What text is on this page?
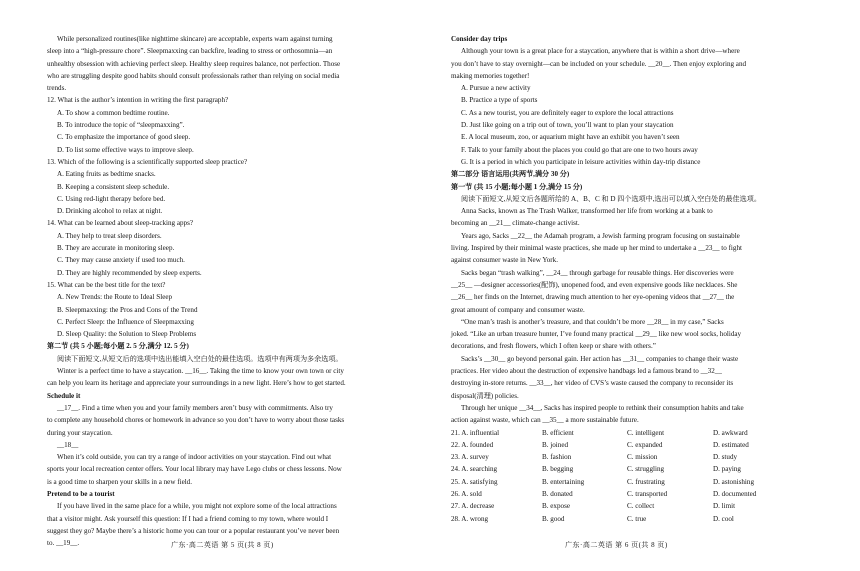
While personalized routines(like nighttime skincare) are acceptable, experts warn against turning
sleep into a “high-pressure chore”. Sleepmaxxing can backfire, leading to stress or orthosomnia—an
unhealthy obsession with achieving perfect sleep. Healthy sleep requires balance, not perfection. Those
who are struggling despite good habits should consult professionals rather than relying on social media
trends.
12. What is the author’s intention in writing the first paragraph?
A. To show a common bedtime routine.
B. To introduce the topic of “sleepmaxxing”.
C. To emphasize the importance of good sleep.
D. To list some effective ways to improve sleep.
13. Which of the following is a scientifically supported sleep practice?
A. Eating fruits as bedtime snacks.
B. Keeping a consistent sleep schedule.
C. Using red-light therapy before bed.
D. Drinking alcohol to relax at night.
14. What can be learned about sleep-tracking apps?
A. They help to treat sleep disorders.
B. They are accurate in monitoring sleep.
C. They may cause anxiety if used too much.
D. They are highly recommended by sleep experts.
15. What can be the best title for the text?
A. New Trends: the Route to Ideal Sleep
B. Sleepmaxxing: the Pros and Cons of the Trend
C. Perfect Sleep: the Influence of Sleepmaxxing
D. Sleep Quality: the Solution to Sleep Problems
第二节 (共 5 小题;每小题 2. 5 分,满分 12. 5 分)
阅读下面短文,从短文后的选项中选出能填入空白处的最佳选项。选项中有两项为多余选项。
Winter is a perfect time to have a staycation. __16__. Taking the time to know your own town or city
can help you learn its heritage and appreciate your surroundings in a new light. Here’s how to get started.
Schedule it
__17__. Find a time when you and your family members aren’t busy with commitments. Also try
to complete any household chores or homework in advance so you don’t have to worry about those tasks
during your staycation.
__18__
When it’s cold outside, you can try a range of indoor activities on your staycation. Find out what
sports your local recreation center offers. Your local library may have Lego clubs or chess lessons. Now
is a good time to sharpen your skills in a new field.
Pretend to be a tourist
If you have lived in the same place for a while, you might not explore some of the local attractions
that a visitor might. Ask yourself this question: If I had a friend coming to my town, where would I
suggest they go? Maybe there’s a historic home you can tour or a popular restaurant you’ve never been
to. __19__.
Consider day trips
Although your town is a great place for a staycation, anywhere that is within a short drive—where
you don’t have to stay overnight—can be included on your schedule. __20__. Then enjoy exploring and
making memories together!
A. Pursue a new activity
B. Practice a type of sports
C. As a new tourist, you are definitely eager to explore the local attractions
D. Just like going on a trip out of town, you’ll want to plan your staycation
E. A local museum, zoo, or aquarium might have an exhibit you haven’t seen
F. Talk to your family about the places you could go that are one to two hours away
G. It is a period in which you participate in leisure activities within day-trip distance
第二部分 语言运用(共两节,满分 30 分)
第一节 (共 15 小题;每小题 1 分,满分 15 分)
阅读下面短文,从短文后各题所给的 A、B、C 和 D 四个选项中,选出可以填入空白处的最佳选项。
Anna Sacks, known as The Trash Walker, transformed her life from working at a bank to
becoming an __21__ climate-change activist.
Years ago, Sacks __22__ the Adamah program, a Jewish farming program focusing on sustainable
living. Inspired by their minimal waste practices, she made up her mind to undertake a __23__ to fight
against consumer waste in New York.
Sacks began “trash walking”, __24__ through garbage for reusable things. Her discoveries were
__25__ —designer accessories(配饰), unopened food, and even expensive goods like necklaces. She
__26__ her finds on the Internet, drawing much attention to her eye-opening videos that __27__ the
great amount of company and consumer waste.
“One man’s trash is another’s treasure, and that couldn’t be more __28__ in my case,” Sacks
joked. “Like an urban treasure hunter, I’ve found many practical __29__ like new wool socks, holiday
decorations, and fresh flowers, which I often keep or share with others.”
Sacks’s __30__ go beyond personal gain. Her action has __31__ companies to change their waste
practices. Her video about the destruction of expensive handbags led a famous brand to __32__
destroying in-store returns. __33__, her video of CVS’s waste caused the company to reconsider its
disposal(清理) policies.
Through her unique __34__, Sacks has inspired people to rethink their consumption habits and take
action against waste, which can __35__ a more sustainable future.
21. A. influential	B. efficient	C. intelligent	D. awkward
22. A. founded	B. joined	C. expanded	D. estimated
23. A. survey	B. fashion	C. mission	D. study
24. A. searching	B. begging	C. struggling	D. paying
25. A. satisfying	B. entertaining	C. frustrating	D. astonishing
26. A. sold	B. donated	C. transported	D. documented
27. A. decrease	B. expose	C. collect	D. limit
28. A. wrong	B. good	C. true	D. cool
广东·高二英语 第 5 页(共 8 页)	广东·高二英语 第 6 页(共 8 页)
